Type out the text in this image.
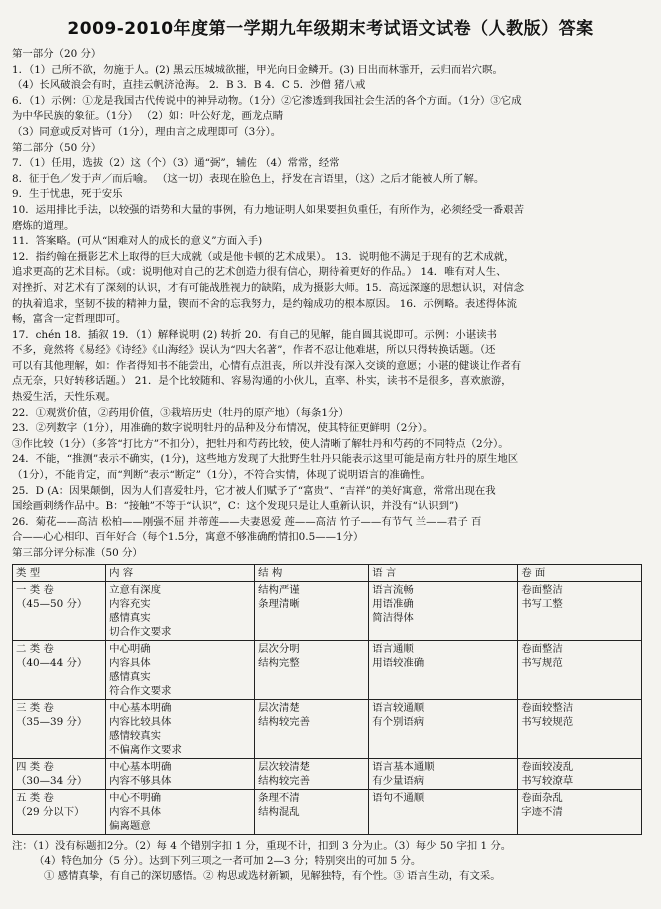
2009-2010年度第一学期九年级期末考试语文试卷（人教版）答案
第一部分（20 分）
1．（1）己所不欲，勿施于人。(2) 黑云压城城欲摧，甲光向日金鳞开。(3) 日出而林霏开，云归而岩穴暝。
（4）长风破浪会有时，直挂云帆济沧海。 2．B 3．B 4．C 5．沙僧 猪八戒
6．（1）示例：①龙是我国古代传说中的神异动物。（1分）②它渗透到我国社会生活的各个方面。（1分）③它成
为中华民族的象征。（1分） （2）如：叶公好龙，画龙点睛
（3）同意或反对皆可（1分），理由言之成理即可（3分）。
第二部分（50 分）
7．（1）任用，选拔（2）这（个）（3）通“弼”，辅佐 （4）常常，经常
8．征于色／发于声／而后喻。 （这一切）表现在脸色上，抒发在言语里，（这）之后才能被人所了解。
9．生于忧患，死于安乐
10．运用排比手法，以较强的语势和大量的事例，有力地证明人如果要担负重任，有所作为，必须经受一番艰苦
磨炼的道理。
11．答案略。(可从“困难对人的成长的意义”方面入手)
12．指约翰在摄影艺术上取得的巨大成就（或是他卡顿的艺术成果）。 13．说明他不满足于现有的艺术成就，
追求更高的艺术目标。（或：说明他对自己的艺术创造力很有信心，期待着更好的作品。） 14．唯有对人生、
对挫折、对艺术有了深刻的认识，才有可能战胜视力的缺陷，成为摄影大师。15．高远深邃的思想认识，对信念
的执着追求，坚韧不拔的精神力量，锲而不舍的忘我努力，是约翰成功的根本原因。 16．示例略。表述得体流
畅，富含一定哲理即可。
17．chén 18．插叙 19．（1）解释说明 (2) 转折 20．有自己的见解，能自圆其说即可。示例：小谌读书
不多，竟然将《易经》《诗经》《山海经》误认为“四大名著”，作者不忍让他难堪，所以只得转换话题。（还
可以有其他理解，如：作者得知书不能尝出，心情有点沮丧，所以并没有深入交谈的意愿；小谌的健谈让作者有
点无奈，只好转移话题。） 21．是个比较随和、容易沟通的小伙儿，直率、朴实，读书不是很多，喜欢旅游，
热爱生活，天性乐观。
22．①观赏价值，②药用价值，③栽培历史（牡丹的原产地）（每条1分）
23．②列数字（1分），用准确的数字说明牡丹的品种及分布情况，使其特征更鲜明（2分）。
③作比较（1分）（多答“打比方”不扣分），把牡丹和芍药比较，使人清晰了解牡丹和芍药的不同特点（2分）。
24．不能，“推测”表示不确实，(1分)，这些地方发现了大批野生牡丹只能表示这里可能是南方牡丹的原生地区
（1分），不能肯定，而“判断”表示“断定”（1分），不符合实情，体现了说明语言的准确性。
25．D (A：因果颠倒，因为人们喜爱牡丹，它才被人们赋予了“富贵”、“吉祥”的美好寓意，常常出现在我
国绘画刺绣作品中。B：“接触”不等于“认识”，C：这个发现只是让人重新认识，并没有“认识到”)
26．菊花——高洁 松柏——刚强不屈 并蒂莲——夫妻恩爱 莲——高洁 竹子——有节气 兰——君子 百
合——心心相印、百年好合（每个1.5分，寓意不够准确酌情扣0.5——1分）
第三部分评分标准（50 分）
类 型	内 容	结 构	语 言	卷 面

一 类 卷
（45—50 分）	立意有深度
内容充实
感情真实
切合作文要求	结构严谨
条理清晰	语言流畅
用语准确
简洁得体	卷面整洁
书写工整

二 类 卷
（40—44 分）	中心明确
内容具体
感情真实
符合作文要求	层次分明
结构完整	语言通顺
用语较准确	卷面整洁
书写规范

三 类 卷
（35—39 分）	中心基本明确
内容比较具体
感情较真实
不偏离作文要求	层次清楚
结构较完善	语言较通顺
有个别语病	卷面较整洁
书写较规范

四 类 卷
（30—34 分）	中心基本明确
内容不够具体	层次较清楚
结构较完善	语言基本通顺
有少量语病	卷面较凌乱
书写较潦草

五 类 卷
（29 分以下）	中心不明确
内容不具体
偏离题意	条理不清
结构混乱	语句不通顺	卷面杂乱
字迹不清
注：（1）没有标题扣2分。（2）每 4 个错别字扣 1 分，重现不计，扣到 3 分为止。（3）每少 50 字扣 1 分。
（4）特色加分（5 分）。达到下列三项之一者可加 2—3 分；特别突出的可加 5 分。
① 感情真挚，有自己的深切感悟。② 构思或选材新颖，见解独特，有个性。③ 语言生动，有文采。
